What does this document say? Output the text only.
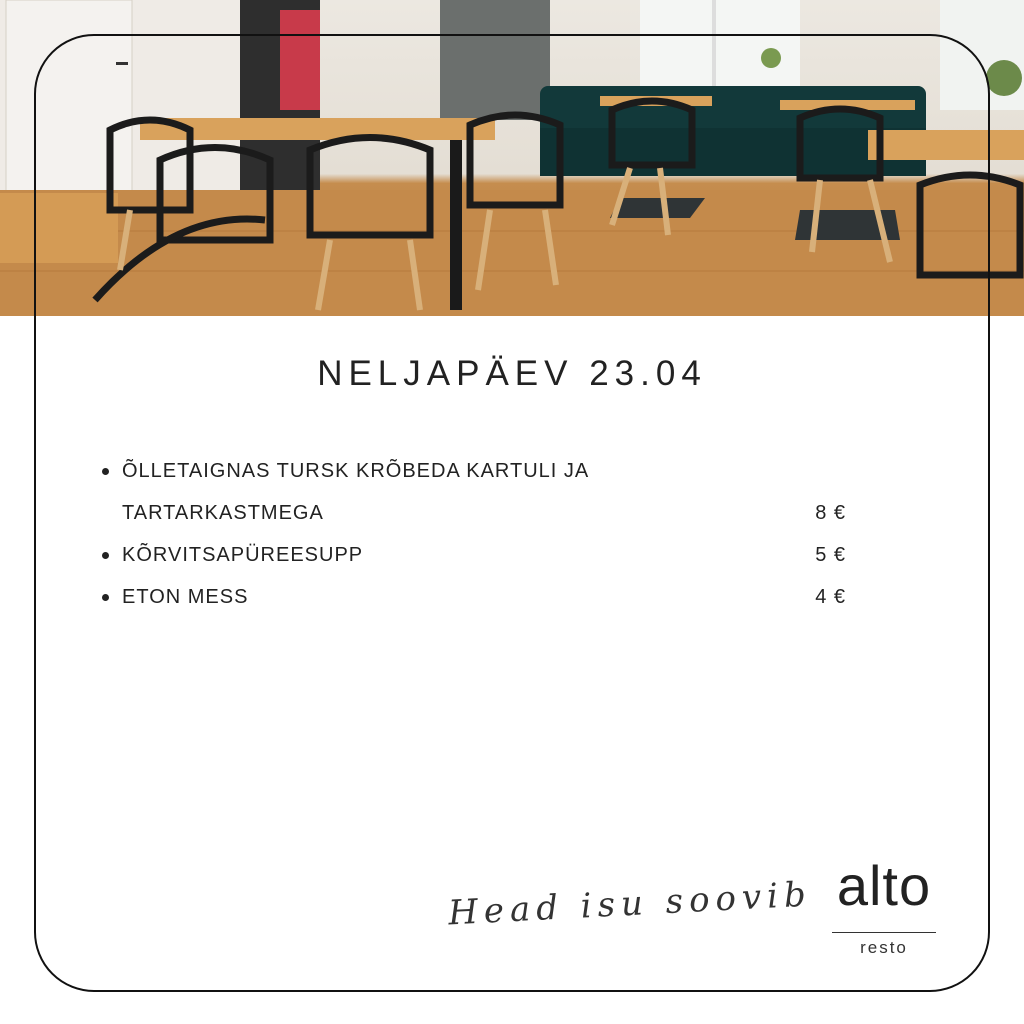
NELJAPÄEV 23.04
ÕLLETAIGNAS TURSK KRÕBEDA KARTULI JA
TARTARKASTMEGA	8 €
KÕRVITSAPÜREESUPP	5 €
ETON MESS	4 €
Head isu soovib alto
resto
